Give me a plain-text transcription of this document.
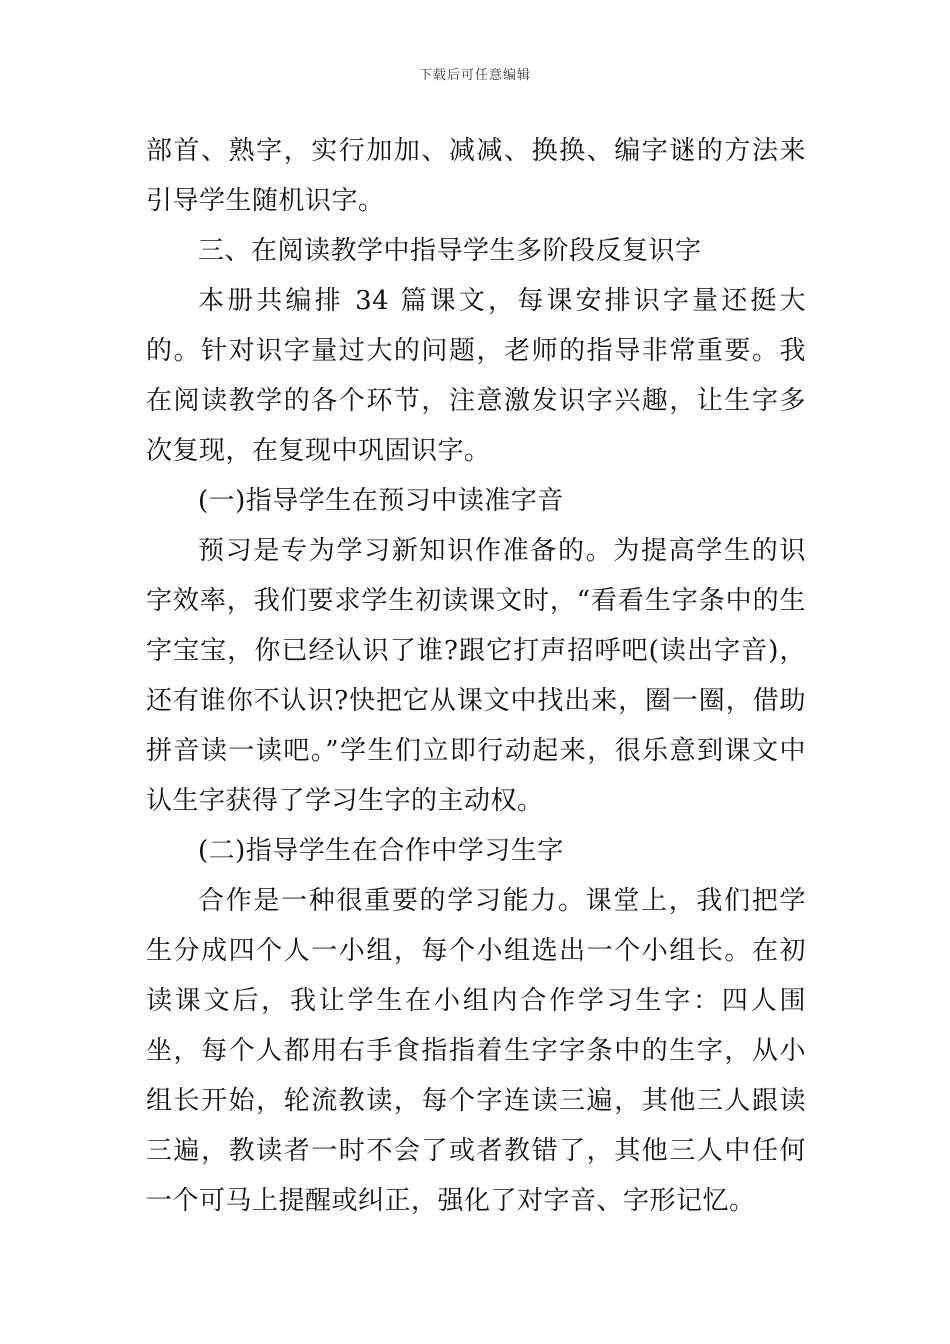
下载后可任意编辑

部首、熟字，实行加加、减减、换换、编字谜的方法来引导学生随机识字。

三、在阅读教学中指导学生多阶段反复识字

本册共编排 34 篇课文，每课安排识字量还挺大的。针对识字量过大的问题，老师的指导非常重要。我在阅读教学的各个环节，注意激发识字兴趣，让生字多次复现，在复现中巩固识字。

(一)指导学生在预习中读准字音

预习是专为学习新知识作准备的。为提高学生的识字效率，我们要求学生初读课文时，“看看生字条中的生字宝宝，你已经认识了谁?跟它打声招呼吧(读出字音)，还有谁你不认识?快把它从课文中找出来，圈一圈，借助拼音读一读吧。”学生们立即行动起来，很乐意到课文中认生字获得了学习生字的主动权。

(二)指导学生在合作中学习生字

合作是一种很重要的学习能力。课堂上，我们把学生分成四个人一小组，每个小组选出一个小组长。在初读课文后，我让学生在小组内合作学习生字：四人围坐，每个人都用右手食指指着生字字条中的生字，从小组长开始，轮流教读，每个字连读三遍，其他三人跟读三遍，教读者一时不会了或者教错了，其他三人中任何一个可马上提醒或纠正，强化了对字音、字形记忆。
